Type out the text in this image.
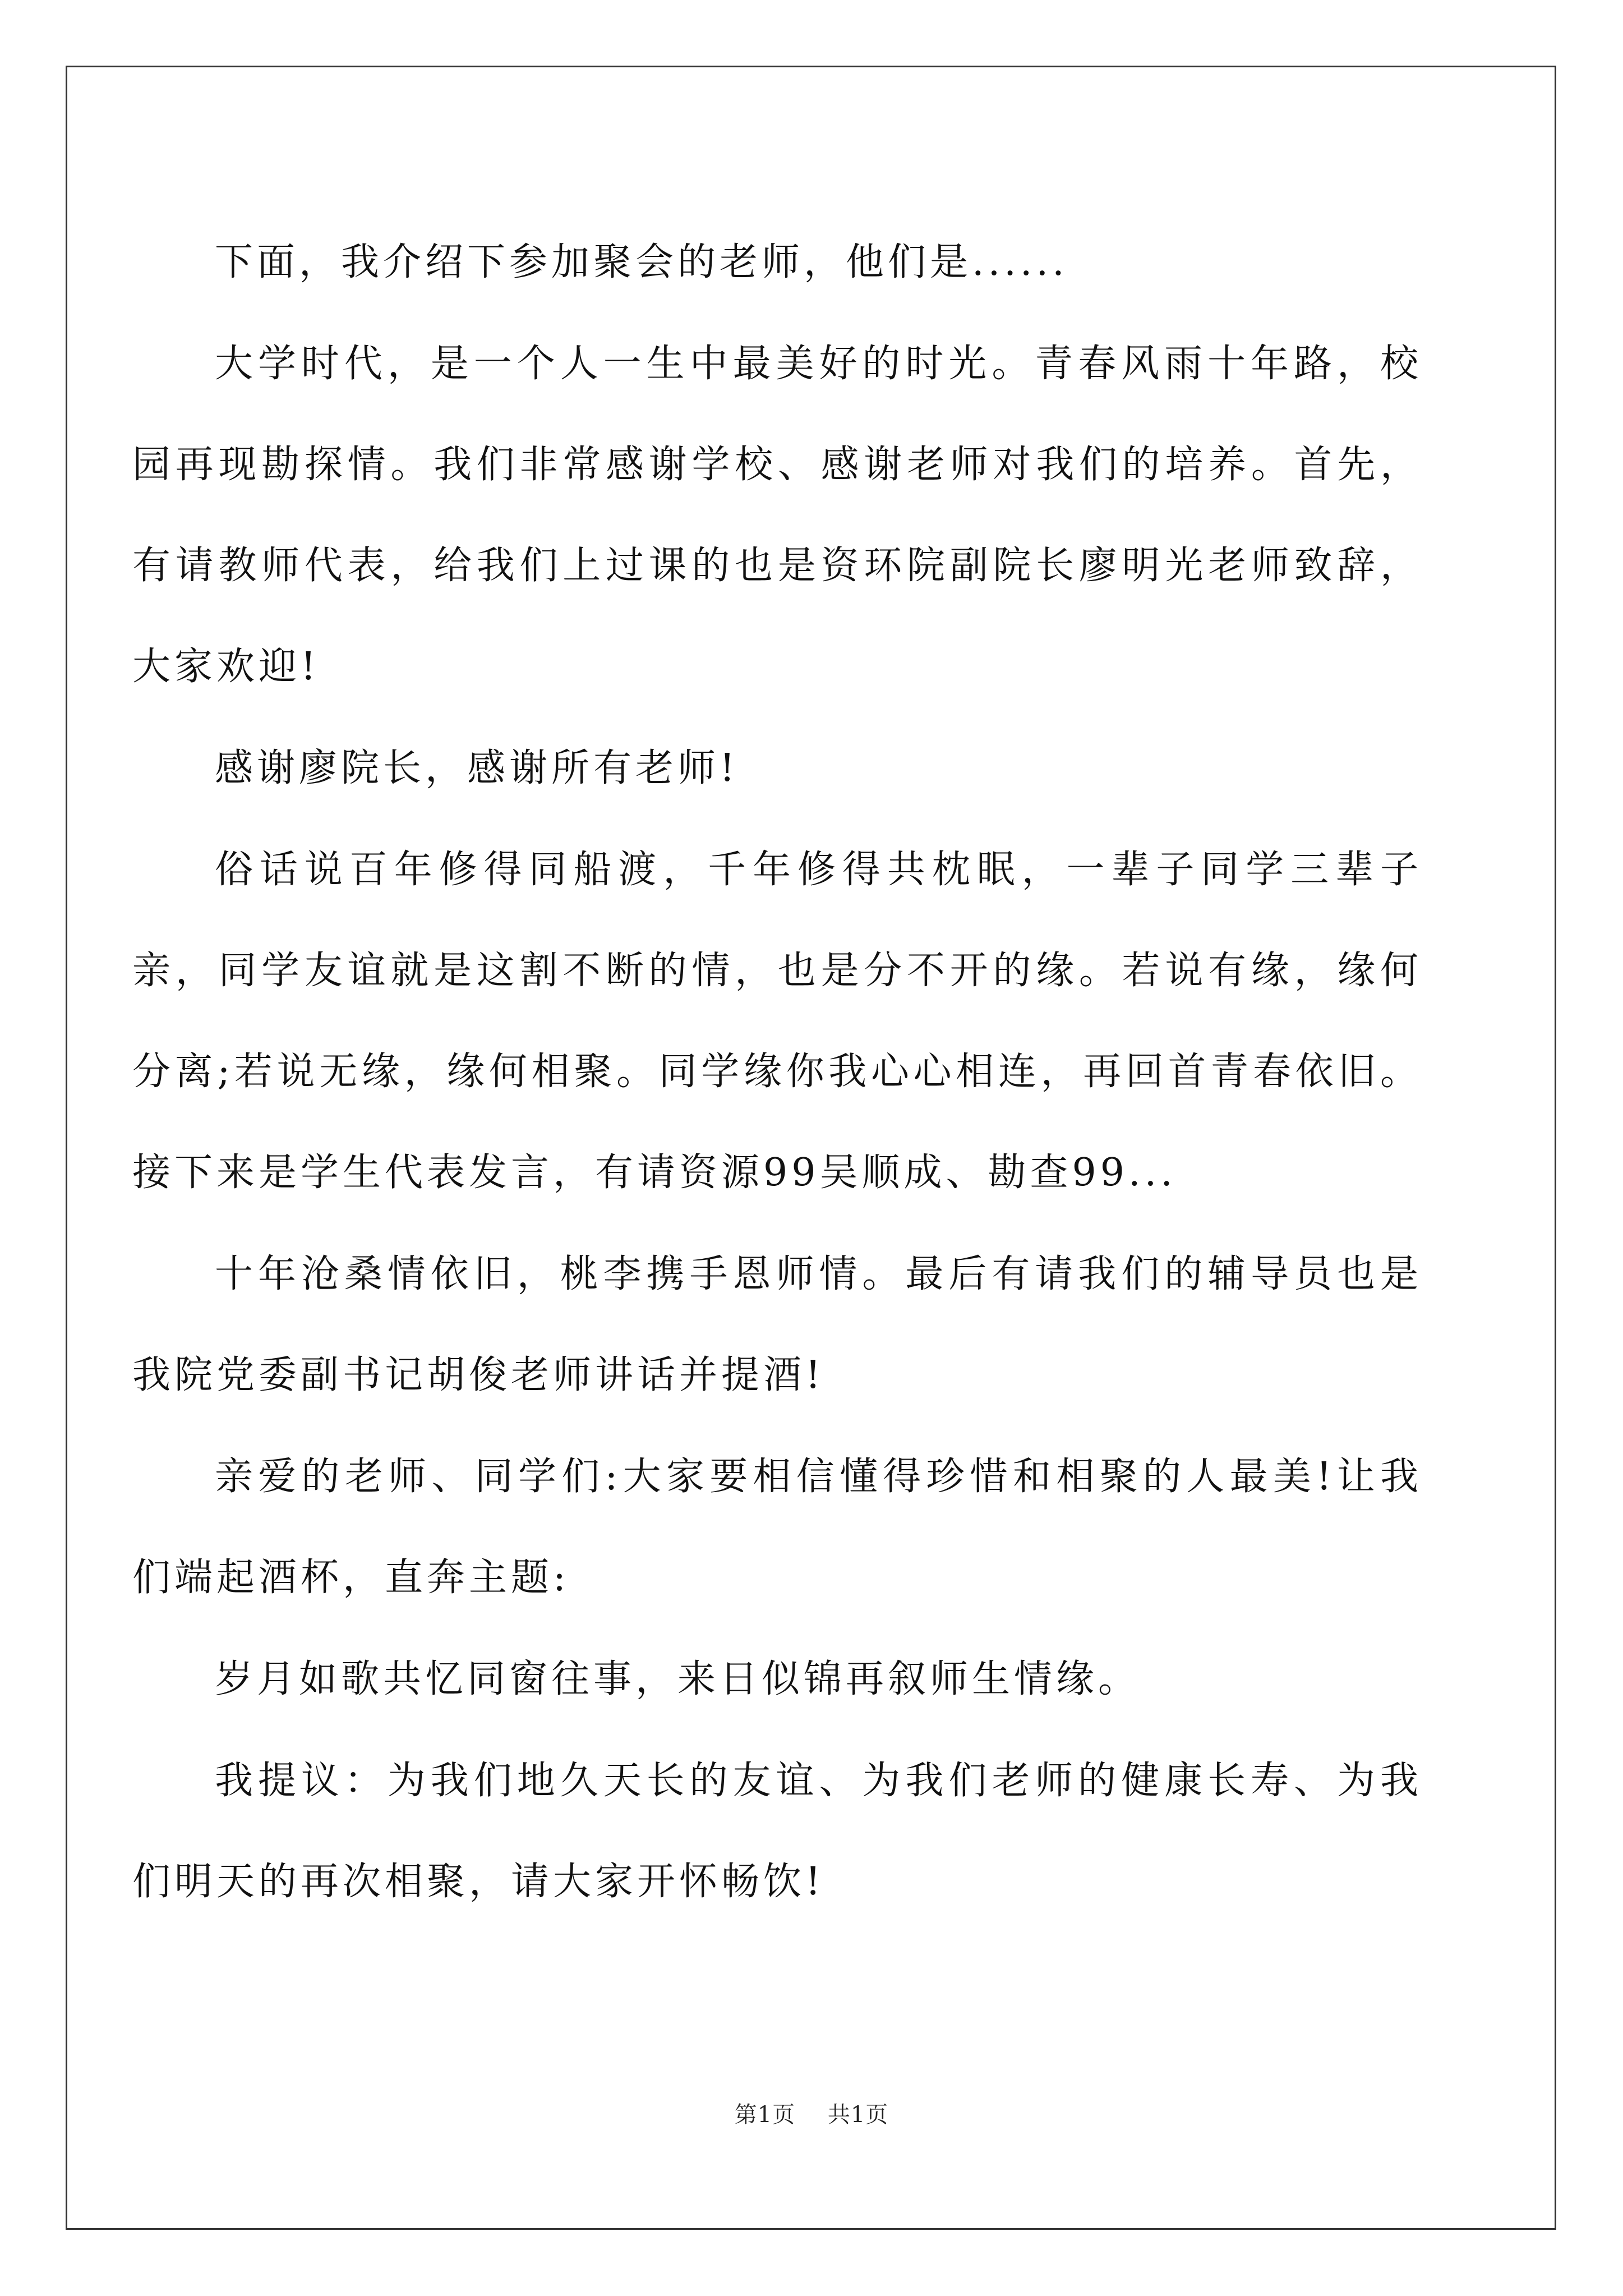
下面，我介绍下参加聚会的老师，他们是......

大学时代，是一个人一生中最美好的时光。青春风雨十年路，校园再现勘探情。我们非常感谢学校、感谢老师对我们的培养。首先，有请教师代表，给我们上过课的也是资环院副院长廖明光老师致辞，大家欢迎!

感谢廖院长，感谢所有老师!

俗话说百年修得同船渡，千年修得共枕眠，一辈子同学三辈子亲，同学友谊就是这割不断的情，也是分不开的缘。若说有缘，缘何分离;若说无缘，缘何相聚。同学缘你我心心相连，再回首青春依旧。接下来是学生代表发言，有请资源99吴顺成、勘查99...

十年沧桑情依旧，桃李携手恩师情。最后有请我们的辅导员也是我院党委副书记胡俊老师讲话并提酒!

亲爱的老师、同学们:大家要相信懂得珍惜和相聚的人最美!让我们端起酒杯，直奔主题:

岁月如歌共忆同窗往事，来日似锦再叙师生情缘。

我提议：为我们地久天长的友谊、为我们老师的健康长寿、为我们明天的再次相聚，请大家开怀畅饮!

第1页 共1页
